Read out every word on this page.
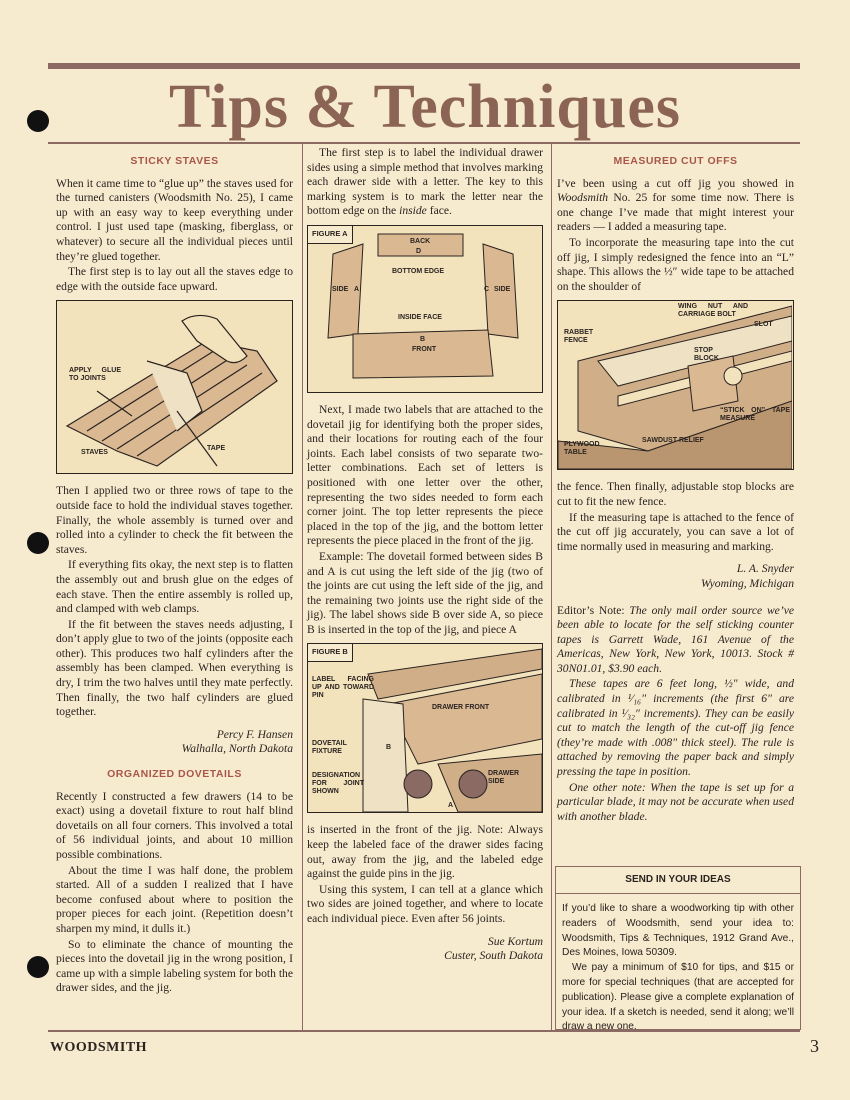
Tips & Techniques
STICKY STAVES

When it came time to “glue up” the staves used for the turned canisters (Woodsmith No. 25), I came up with an easy way to keep everything under control. I just used tape (masking, fiberglass, or whatever) to secure all the individual pieces until they’re glued together.

The first step is to lay out all the staves edge to edge with the outside face upward.

APPLY GLUE TO JOINTS
STAVES
TAPE

Then I applied two or three rows of tape to the outside face to hold the individual staves together. Finally, the whole assembly is turned over and rolled into a cylinder to check the fit between the staves.

If everything fits okay, the next step is to flatten the assembly out and brush glue on the edges of each stave. Then the entire assembly is rolled up, and clamped with web clamps.

If the fit between the staves needs adjusting, I don’t apply glue to two of the joints (opposite each other). This produces two half cylinders after the assembly has been clamped. When everything is dry, I trim the two halves until they mate perfectly. Then finally, the two half cylinders are glued together.

Percy F. Hansen
Walhalla, North Dakota
ORGANIZED DOVETAILS

Recently I constructed a few drawers (14 to be exact) using a dovetail fixture to rout half blind dovetails on all four corners. This involved a total of 56 individual joints, and about 10 million possible combinations.

About the time I was half done, the problem started. All of a sudden I realized that I have become confused about where to position the proper pieces for each joint. (Repetition doesn’t sharpen my mind, it dulls it.)

So to eliminate the chance of mounting the pieces into the dovetail jig in the wrong position, I came up with a simple labeling system for both the drawer sides, and the jig.

The first step is to label the individual drawer sides using a simple method that involves marking each drawer side with a letter. The key to this marking system is to mark the letter near the bottom edge on the inside face.

FIGURE A
BACK
D
BOTTOM EDGE
SIDE A	C SIDE
INSIDE FACE
B
FRONT

Next, I made two labels that are attached to the dovetail jig for identifying both the proper sides, and their locations for routing each of the four joints. Each label consists of two separate two-letter combinations. Each set of letters is positioned with one letter over the other, representing the two sides needed to form each corner joint. The top letter represents the piece placed in the top of the jig, and the bottom letter represents the piece placed in the front of the jig.

Example: The dovetail formed between sides B and A is cut using the left side of the jig (two of the joints are cut using the left side of the jig, and the remaining two joints use the right side of the jig). The label shows side B over side A, so piece B is inserted in the top of the jig, and piece A

FIGURE B
LABEL FACING UP AND TOWARD PIN
DRAWER FRONT
DOVETAIL FIXTURE
DESIGNATION FOR JOINT SHOWN
DRAWER SIDE
B
A

is inserted in the front of the jig. Note: Always keep the labeled face of the drawer sides facing out, away from the jig, and the labeled edge against the guide pins in the jig.

Using this system, I can tell at a glance which two sides are joined together, and where to locate each individual piece. Even after 56 joints.

Sue Kortum
Custer, South Dakota
MEASURED CUT OFFS

I’ve been using a cut off jig you showed in Woodsmith No. 25 for some time now. There is one change I’ve made that might interest your readers — I added a measuring tape.

To incorporate the measuring tape into the cut off jig, I simply redesigned the fence into an “L” shape. This allows the ½″ wide tape to be attached on the shoulder of

WING NUT AND CARRIAGE BOLT
SLOT
RABBET FENCE
STOP BLOCK
“STICK ON” TAPE MEASURE
PLYWOOD TABLE
SAWDUST RELIEF

the fence. Then finally, adjustable stop blocks are cut to fit the new fence.

If the measuring tape is attached to the fence of the cut off jig accurately, you can save a lot of time normally used in measuring and marking.

L. A. Snyder
Wyoming, Michigan

Editor’s Note: The only mail order source we’ve been able to locate for the self sticking counter tapes is Garrett Wade, 161 Avenue of the Americas, New York, New York, 10013. Stock # 30N01.01, $3.90 each.

These tapes are 6 feet long, ½″ wide, and calibrated in ¹⁄₁₆″ increments (the first 6″ are calibrated in ¹⁄₃₂″ increments). They can be easily cut to match the length of the cut-off jig fence (they’re made with .008″ thick steel). The rule is attached by removing the paper back and simply pressing the tape in position.

One other note: When the tape is set up for a particular blade, it may not be accurate when used with another blade.

SEND IN YOUR IDEAS

If you’d like to share a woodworking tip with other readers of Woodsmith, send your idea to: Woodsmith, Tips & Techniques, 1912 Grand Ave., Des Moines, Iowa 50309.

We pay a minimum of $10 for tips, and $15 or more for special techniques (that are accepted for publication). Please give a complete explanation of your idea. If a sketch is needed, send it along; we’ll draw a new one.

WOODSMITH	3
